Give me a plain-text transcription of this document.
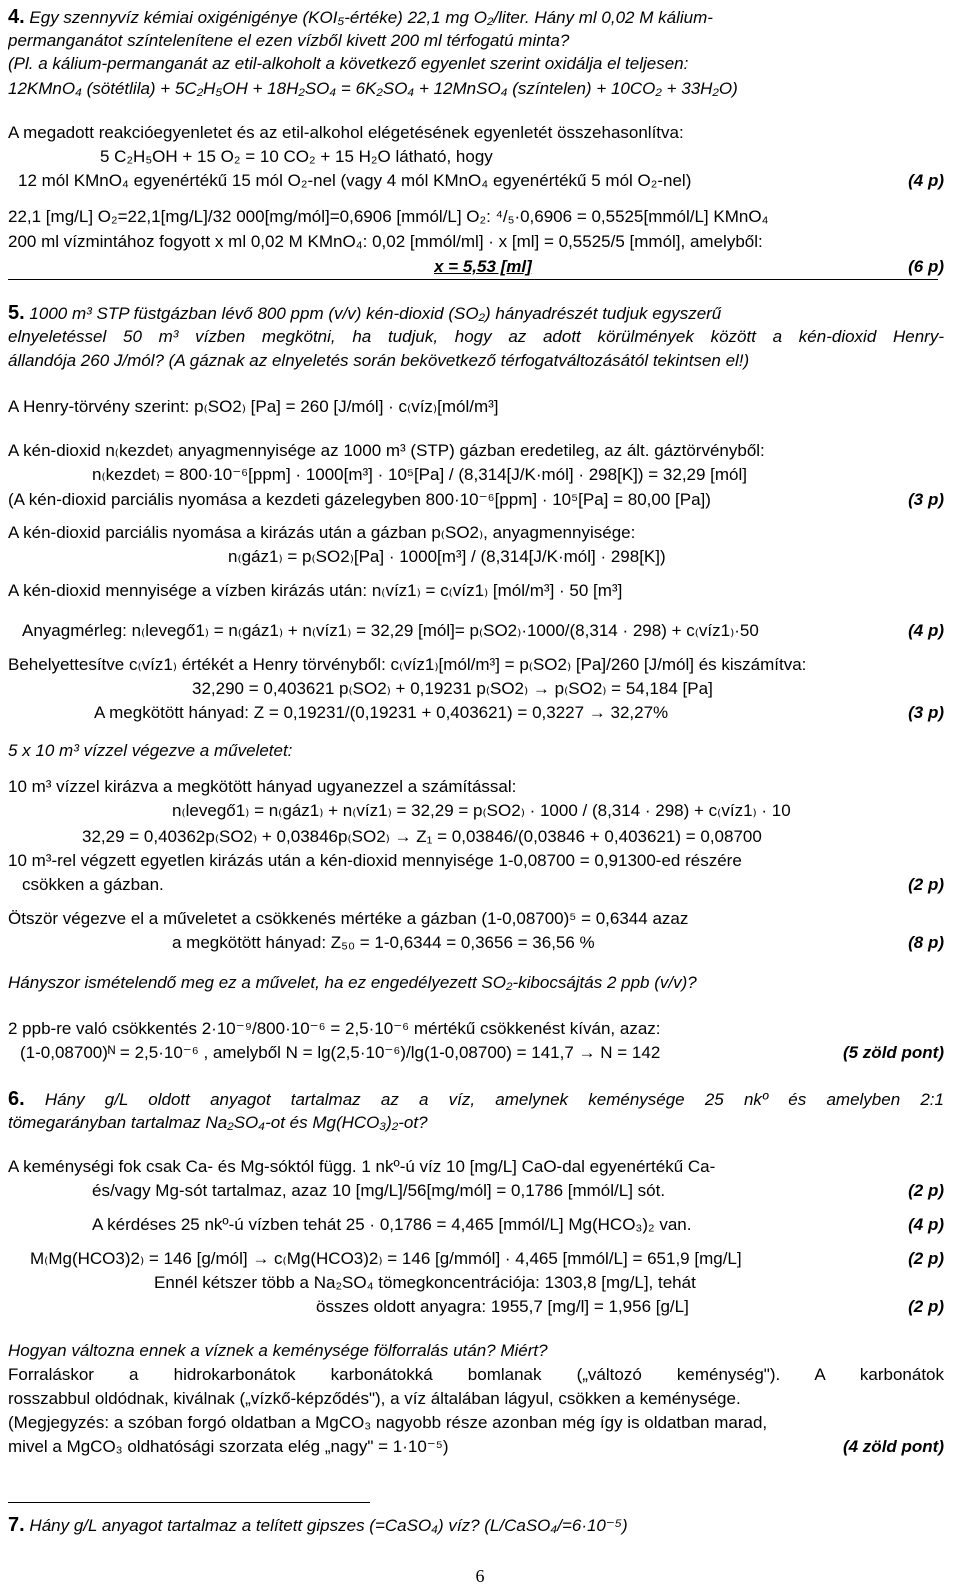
6
4. Egy szennyvíz kémiai oxigénigénye (KOI₅-értéke) 22,1 mg O₂/liter. Hány ml 0,02 M kálium-
permanganátot színtelenítene el ezen vízből kivett 200 ml térfogatú minta?
(Pl. a kálium-permanganát az etil-alkoholt a következő egyenlet szerint oxidálja el teljesen:
12KMnO₄ (sötétlila) + 5C₂H₅OH + 18H₂SO₄ = 6K₂SO₄ + 12MnSO₄ (színtelen) + 10CO₂ + 33H₂O)
A megadott reakcióegyenletet és az etil-alkohol elégetésének egyenletét összehasonlítva:
5 C₂H₅OH + 15 O₂ = 10 CO₂ + 15 H₂O látható, hogy
12 mól KMnO₄ egyenértékű 15 mól O₂-nel (vagy 4 mól KMnO₄ egyenértékű 5 mól O₂-nel)	(4 p)
22,1 [mg/L] O₂=22,1[mg/L]/32 000[mg/mól]=0,6906 [mmól/L] O₂: ⁴/₅·0,6906 = 0,5525[mmól/L] KMnO₄
200 ml vízmintához fogyott x ml 0,02 M KMnO₄: 0,02 [mmól/ml] · x [ml] = 0,5525/5 [mmól], amelyből:
x = 5,53 [ml]	(6 p)
5. 1000 m³ STP füstgázban lévő 800 ppm (v/v) kén-dioxid (SO₂) hányadrészét tudjuk egyszerű
elnyeletéssel 50 m³ vízben megkötni, ha tudjuk, hogy az adott körülmények között a kén-dioxid Henry-
állandója 260 J/mól? (A gáznak az elnyeletés során bekövetkező térfogatváltozásától tekintsen el!)
A Henry-törvény szerint: p₍SO2₎ [Pa] = 260 [J/mól] · c₍víz₎[mól/m³]
A kén-dioxid n₍kezdet₎ anyagmennyisége az 1000 m³ (STP) gázban eredetileg, az ált. gáztörvényből:
n₍kezdet₎ = 800·10⁻⁶[ppm] · 1000[m³] · 10⁵[Pa] / (8,314[J/K·mól] · 298[K]) = 32,29 [mól]
(A kén-dioxid parciális nyomása a kezdeti gázelegyben 800·10⁻⁶[ppm] · 10⁵[Pa] = 80,00 [Pa])	(3 p)
A kén-dioxid parciális nyomása a kirázás után a gázban p₍SO2₎, anyagmennyisége:
n₍gáz1₎ = p₍SO2₎[Pa] · 1000[m³] / (8,314[J/K·mól] · 298[K])
A kén-dioxid mennyisége a vízben kirázás után: n₍víz1₎ = c₍víz1₎ [mól/m³] · 50 [m³]
Anyagmérleg: n₍levegő1₎ = n₍gáz1₎ + n₍víz1₎ = 32,29 [mól]= p₍SO2₎·1000/(8,314 · 298) + c₍víz1₎·50	(4 p)
Behelyettesítve c₍víz1₎ értékét a Henry törvényből: c₍víz1₎[mól/m³] = p₍SO2₎ [Pa]/260 [J/mól] és kiszámítva:
32,290 = 0,403621 p₍SO2₎ + 0,19231 p₍SO2₎ → p₍SO2₎ = 54,184 [Pa]
A megkötött hányad: Z = 0,19231/(0,19231 + 0,403621) = 0,3227 → 32,27%	(3 p)
5 x 10 m³ vízzel végezve a műveletet:
10 m³ vízzel kirázva a megkötött hányad ugyanezzel a számítással:
n₍levegő1₎ = n₍gáz1₎ + n₍víz1₎ = 32,29 = p₍SO2₎ · 1000 / (8,314 · 298) + c₍víz1₎ · 10
32,29 = 0,40362p₍SO2₎ + 0,03846p₍SO2₎ → Z₁ = 0,03846/(0,03846 + 0,403621) = 0,08700
10 m³-rel végzett egyetlen kirázás után a kén-dioxid mennyisége 1-0,08700 = 0,91300-ed részére
csökken a gázban.	(2 p)
Ötször végezve el a műveletet a csökkenés mértéke a gázban (1-0,08700)⁵ = 0,6344 azaz
a megkötött hányad: Z₅₀ = 1-0,6344 = 0,3656 = 36,56 %	(8 p)
Hányszor ismételendő meg ez a művelet, ha ez engedélyezett SO₂-kibocsájtás 2 ppb (v/v)?
2 ppb-re való csökkentés 2·10⁻⁹/800·10⁻⁶ = 2,5·10⁻⁶ mértékű csökkenést kíván, azaz:
(1-0,08700)ᴺ = 2,5·10⁻⁶ , amelyből N = lg(2,5·10⁻⁶)/lg(1-0,08700) = 141,7 → N = 142	(5 zöld pont)
6. Hány g/L oldott anyagot tartalmaz az a víz, amelynek keménysége 25 nkº és amelyben 2:1
tömegarányban tartalmaz Na₂SO₄-ot és Mg(HCO₃)₂-ot?
A keménységi fok csak Ca- és Mg-sóktól függ. 1 nkº-ú víz 10 [mg/L] CaO-dal egyenértékű Ca-
és/vagy Mg-sót tartalmaz, azaz 10 [mg/L]/56[mg/mól] = 0,1786 [mmól/L] sót.	(2 p)
A kérdéses 25 nkº-ú vízben tehát 25 · 0,1786 = 4,465 [mmól/L] Mg(HCO₃)₂ van.	(4 p)
M₍Mg(HCO3)2₎ = 146 [g/mól] → c₍Mg(HCO3)2₎ = 146 [g/mmól] · 4,465 [mmól/L] = 651,9 [mg/L]	(2 p)
Ennél kétszer több a Na₂SO₄ tömegkoncentrációja: 1303,8 [mg/L], tehát
összes oldott anyagra: 1955,7 [mg/l] = 1,956 [g/L]	(2 p)
Hogyan változna ennek a víznek a keménysége fölforralás után? Miért?
Forraláskor a hidrokarbonátok karbonátokká bomlanak („változó keménység"). A karbonátok
rosszabbul oldódnak, kiválnak („vízkő-képződés"), a víz általában lágyul, csökken a keménysége.
(Megjegyzés: a szóban forgó oldatban a MgCO₃ nagyobb része azonban még így is oldatban marad,
mivel a MgCO₃ oldhatósági szorzata elég „nagy" = 1·10⁻⁵)	(4 zöld pont)
7. Hány g/L anyagot tartalmaz a telített gipszes (=CaSO₄) víz? (L/CaSO₄/=6·10⁻⁵)
